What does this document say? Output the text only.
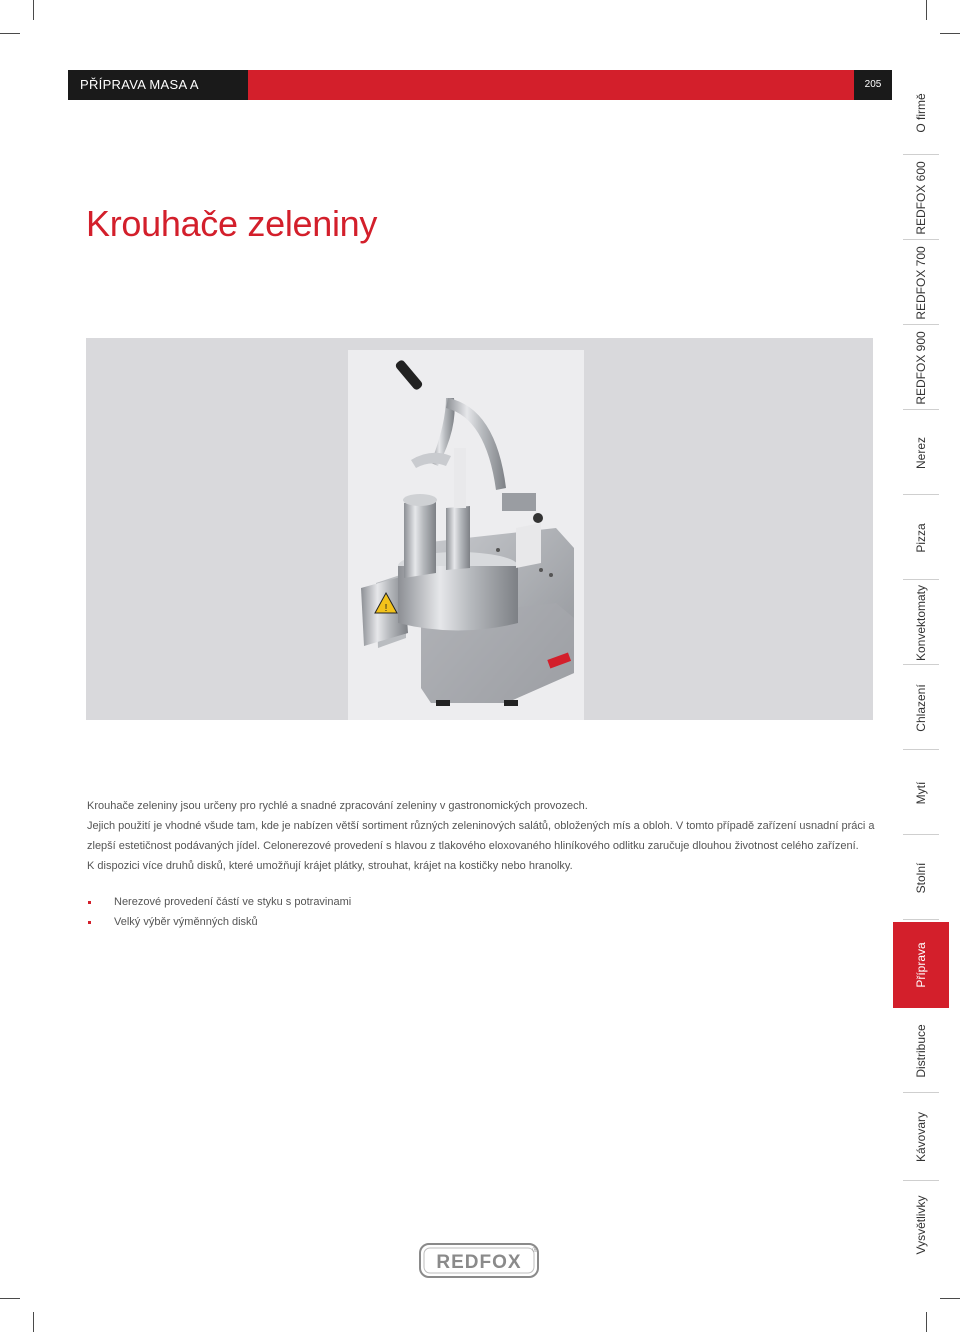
PŘÍPRAVA MASA A ZELENINY
205
Krouhače zeleniny
!

Krouhače zeleniny jsou určeny pro rychlé a snadné zpracování zeleniny v gastronomických provozech.

Jejich použití je vhodné všude tam, kde je nabízen větší sortiment různých zeleninových salátů, obložených mís a obloh. V tomto případě zařízení usnadní práci a zlepší estetičnost podávaných jídel. Celonerezové provedení s hlavou z tlakového eloxovaného hliníkového odlitku zaručuje dlouhou životnost celého zařízení.

K dispozici více druhů disků, které umožňují krájet plátky, strouhat, krájet na kostičky nebo hranolky.

Nerezové provedení částí ve styku s potravinami
Velký výběr výměnných disků
O firmě
REDFOX 600
REDFOX 700
REDFOX 900
Nerez
Pizza
Konvektomaty
Chlazení
Mytí
Stolní
Příprava
Distribuce
Kávovary
Vysvětlivky
REDFOX
®
